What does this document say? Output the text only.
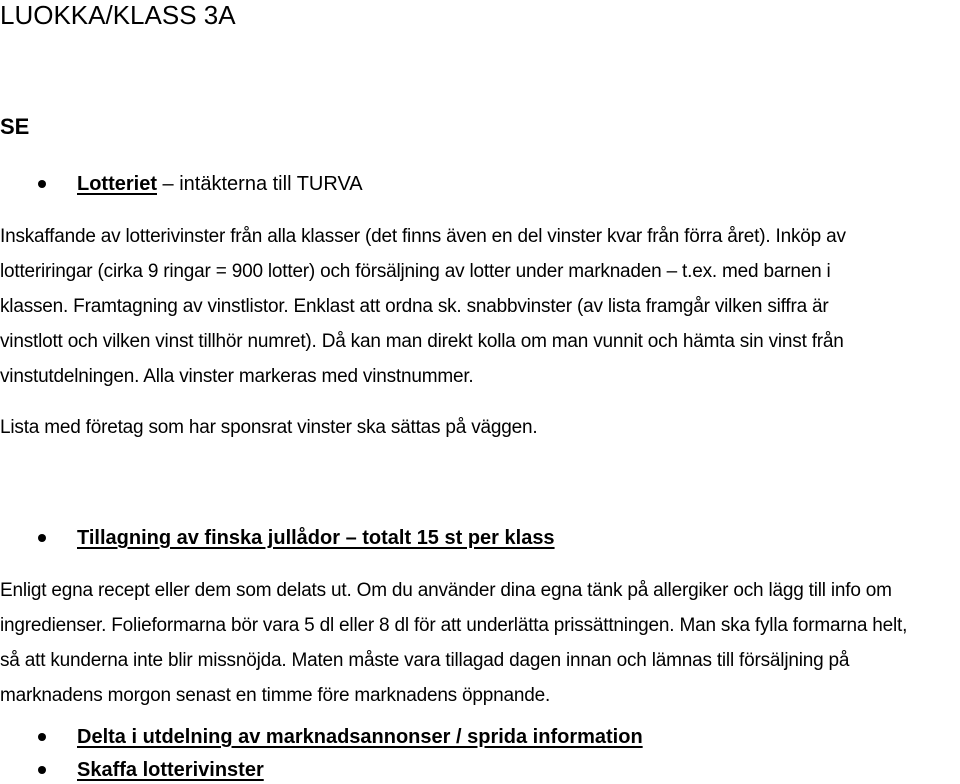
LUOKKA/KLASS 3A
SE
Lotteriet – intäkterna till TURVA
Inskaffande av lotterivinster från alla klasser (det finns även en del vinster kvar från förra året). Inköp av
lotteriringar (cirka 9 ringar = 900 lotter) och försäljning av lotter under marknaden – t.ex. med barnen i
klassen. Framtagning av vinstlistor. Enklast att ordna sk. snabbvinster (av lista framgår vilken siffra är
vinstlott och vilken vinst tillhör numret). Då kan man direkt kolla om man vunnit och hämta sin vinst från
vinstutdelningen. Alla vinster markeras med vinstnummer.
Lista med företag som har sponsrat vinster ska sättas på väggen.
Tillagning av finska jullådor – totalt 15 st per klass
Enligt egna recept eller dem som delats ut. Om du använder dina egna tänk på allergiker och lägg till info om
ingredienser. Folieformarna bör vara 5 dl eller 8 dl för att underlätta prissättningen. Man ska fylla formarna helt,
så att kunderna inte blir missnöjda. Maten måste vara tillagad dagen innan och lämnas till försäljning på
marknadens morgon senast en timme före marknadens öppnande.
Delta i utdelning av marknadsannonser / sprida information
Skaffa lotterivinster
